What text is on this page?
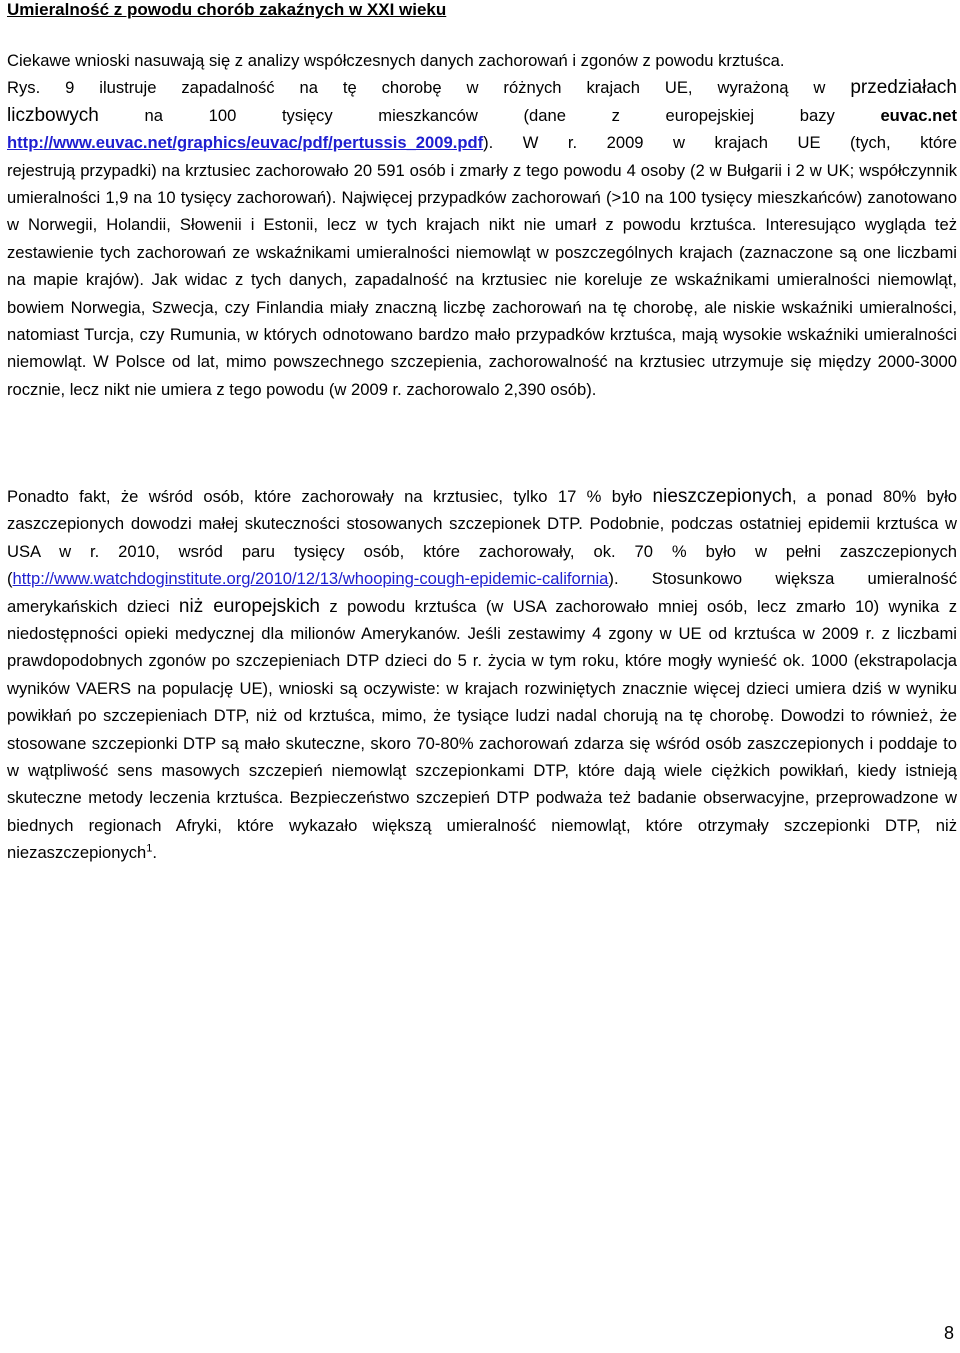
Umieralność z powodu chorób zakaźnych w XXI wieku
Ciekawe wnioski nasuwają się z analizy współczesnych danych zachorowań i zgonów z powodu krztuśca.
Rys. 9 ilustruje zapadalność na tę chorobę w różnych krajach UE, wyrażoną w przedziałach
liczbowych na 100 tysięcy mieszkanców (dane z europejskiej bazy euvac.net
http://www.euvac.net/graphics/euvac/pdf/pertussis_2009.pdf). W r. 2009 w krajach UE (tych, które
rejestrują przypadki) na krztusiec zachorowało 20 591 osób i zmarły z tego powodu 4 osoby (2 w Bułgarii i 2 w UK; współczynnik umieralności 1,9 na 10 tysięcy zachorowań). Najwięcej przypadków zachorowań (>10 na 100 tysięcy mieszkańców) zanotowano w Norwegii, Holandii, Słowenii i Estonii, lecz w tych krajach nikt nie umarł z powodu krztuśca. Interesująco wygląda też zestawienie tych zachorowań ze wskaźnikami umieralności niemowląt w poszczególnych krajach (zaznaczone są one liczbami na mapie krajów). Jak widac z tych danych, zapadalność na krztusiec nie koreluje ze wskaźnikami umieralności niemowląt, bowiem Norwegia, Szwecja, czy Finlandia miały znaczną liczbę zachorowań na tę chorobę, ale niskie wskaźniki umieralności, natomiast Turcja, czy Rumunia, w których odnotowano bardzo mało przypadków krztuśca, mają wysokie wskaźniki umieralności niemowląt. W Polsce od lat, mimo powszechnego szczepienia, zachorowalność na krztusiec utrzymuje się między 2000-3000 rocznie, lecz nikt nie umiera z tego powodu (w 2009 r. zachorowalo 2,390 osób).
Ponadto fakt, że wśród osób, które zachorowały na krztusiec, tylko 17 % było nieszczepionych, a ponad 80% było zaszczepionych dowodzi małej skuteczności stosowanych szczepionek DTP. Podobnie, podczas ostatniej epidemii krztuśca w USA w r. 2010, wsród paru tysięcy osób, które zachorowały, ok. 70 % było w pełni zaszczepionych (http://www.watchdoginstitute.org/2010/12/13/whooping-cough-epidemic-california). Stosunkowo większa umieralność amerykańskich dzieci niż europejskich z powodu krztuśca (w USA zachorowało mniej osób, lecz zmarło 10) wynika z niedostępności opieki medycznej dla milionów Amerykanów. Jeśli zestawimy 4 zgony w UE od krztuśca w 2009 r. z liczbami prawdopodobnych zgonów po szczepieniach DTP dzieci do 5 r. życia w tym roku, które mogły wynieść ok. 1000 (ekstrapolacja wyników VAERS na populację UE), wnioski są oczywiste: w krajach rozwiniętych znacznie więcej dzieci umiera dziś w wyniku powikłań po szczepieniach DTP, niż od krztuśca, mimo, że tysiące ludzi nadal chorują na tę chorobę. Dowodzi to również, że stosowane szczepionki DTP są mało skuteczne, skoro 70-80% zachorowań zdarza się wśród osób zaszczepionych i poddaje to w wątpliwość sens masowych szczepień niemowląt szczepionkami DTP, które dają wiele ciężkich powikłań, kiedy istnieją skuteczne metody leczenia krztuśca. Bezpieczeństwo szczepień DTP podważa też badanie obserwacyjne, przeprowadzone w biednych regionach Afryki, które wykazało większą umieralność niemowląt, które otrzymały szczepionki DTP, niż niezaszczepionych$^1$.
8
